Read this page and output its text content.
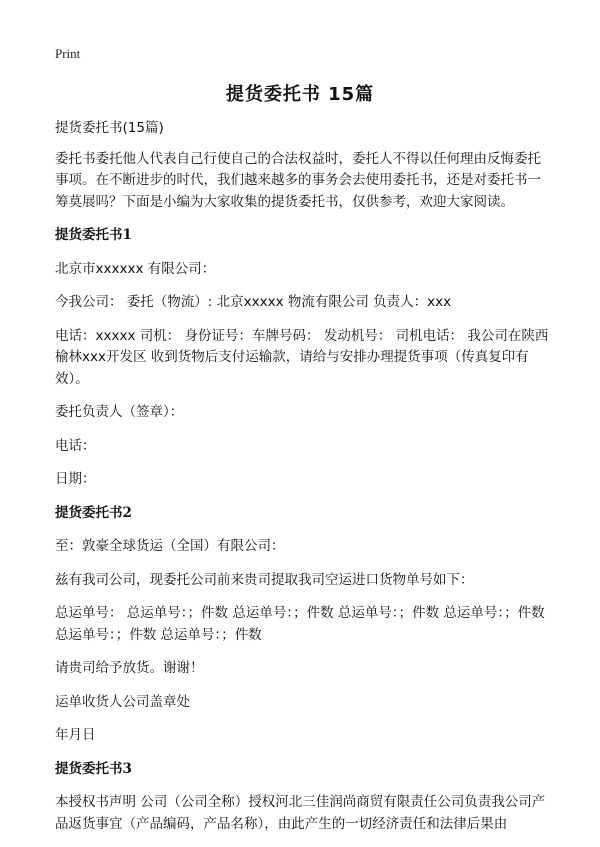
Print
提货委托书 15篇

提货委托书(15篇)

委托书委托他人代表自己行使自己的合法权益时，委托人不得以任何理由反悔委托事项。在不断进步的时代，我们越来越多的事务会去使用委托书，还是对委托书一筹莫展吗？下面是小编为大家收集的提货委托书，仅供参考，欢迎大家阅读。

提货委托书1

北京市xxxxxx 有限公司：

今我公司： 委托（物流）: 北京xxxxx 物流有限公司 负责人：xxx

电话：xxxxx 司机： 身份证号：车牌号码： 发动机号： 司机电话： 我公司在陕西榆林xxx开发区 收到货物后支付运输款，请给与安排办理提货事项（传真复印有效）。

委托负责人（签章）：

电话：

日期：

提货委托书2

至：敦豪全球货运（全国）有限公司：

兹有我司公司，现委托公司前来贵司提取我司空运进口货物单号如下：

总运单号： 总运单号：；件数 总运单号：；件数 总运单号：；件数 总运单号：；件数 总运单号：；件数 总运单号：；件数

请贵司给予放货。谢谢！

运单收货人公司盖章处

年月日

提货委托书3

本授权书声明 公司（公司全称）授权河北三佳润尚商贸有限责任公司负责我公司产品返货事宜（产品编码，产品名称），由此产生的一切经济责任和法律后果由
